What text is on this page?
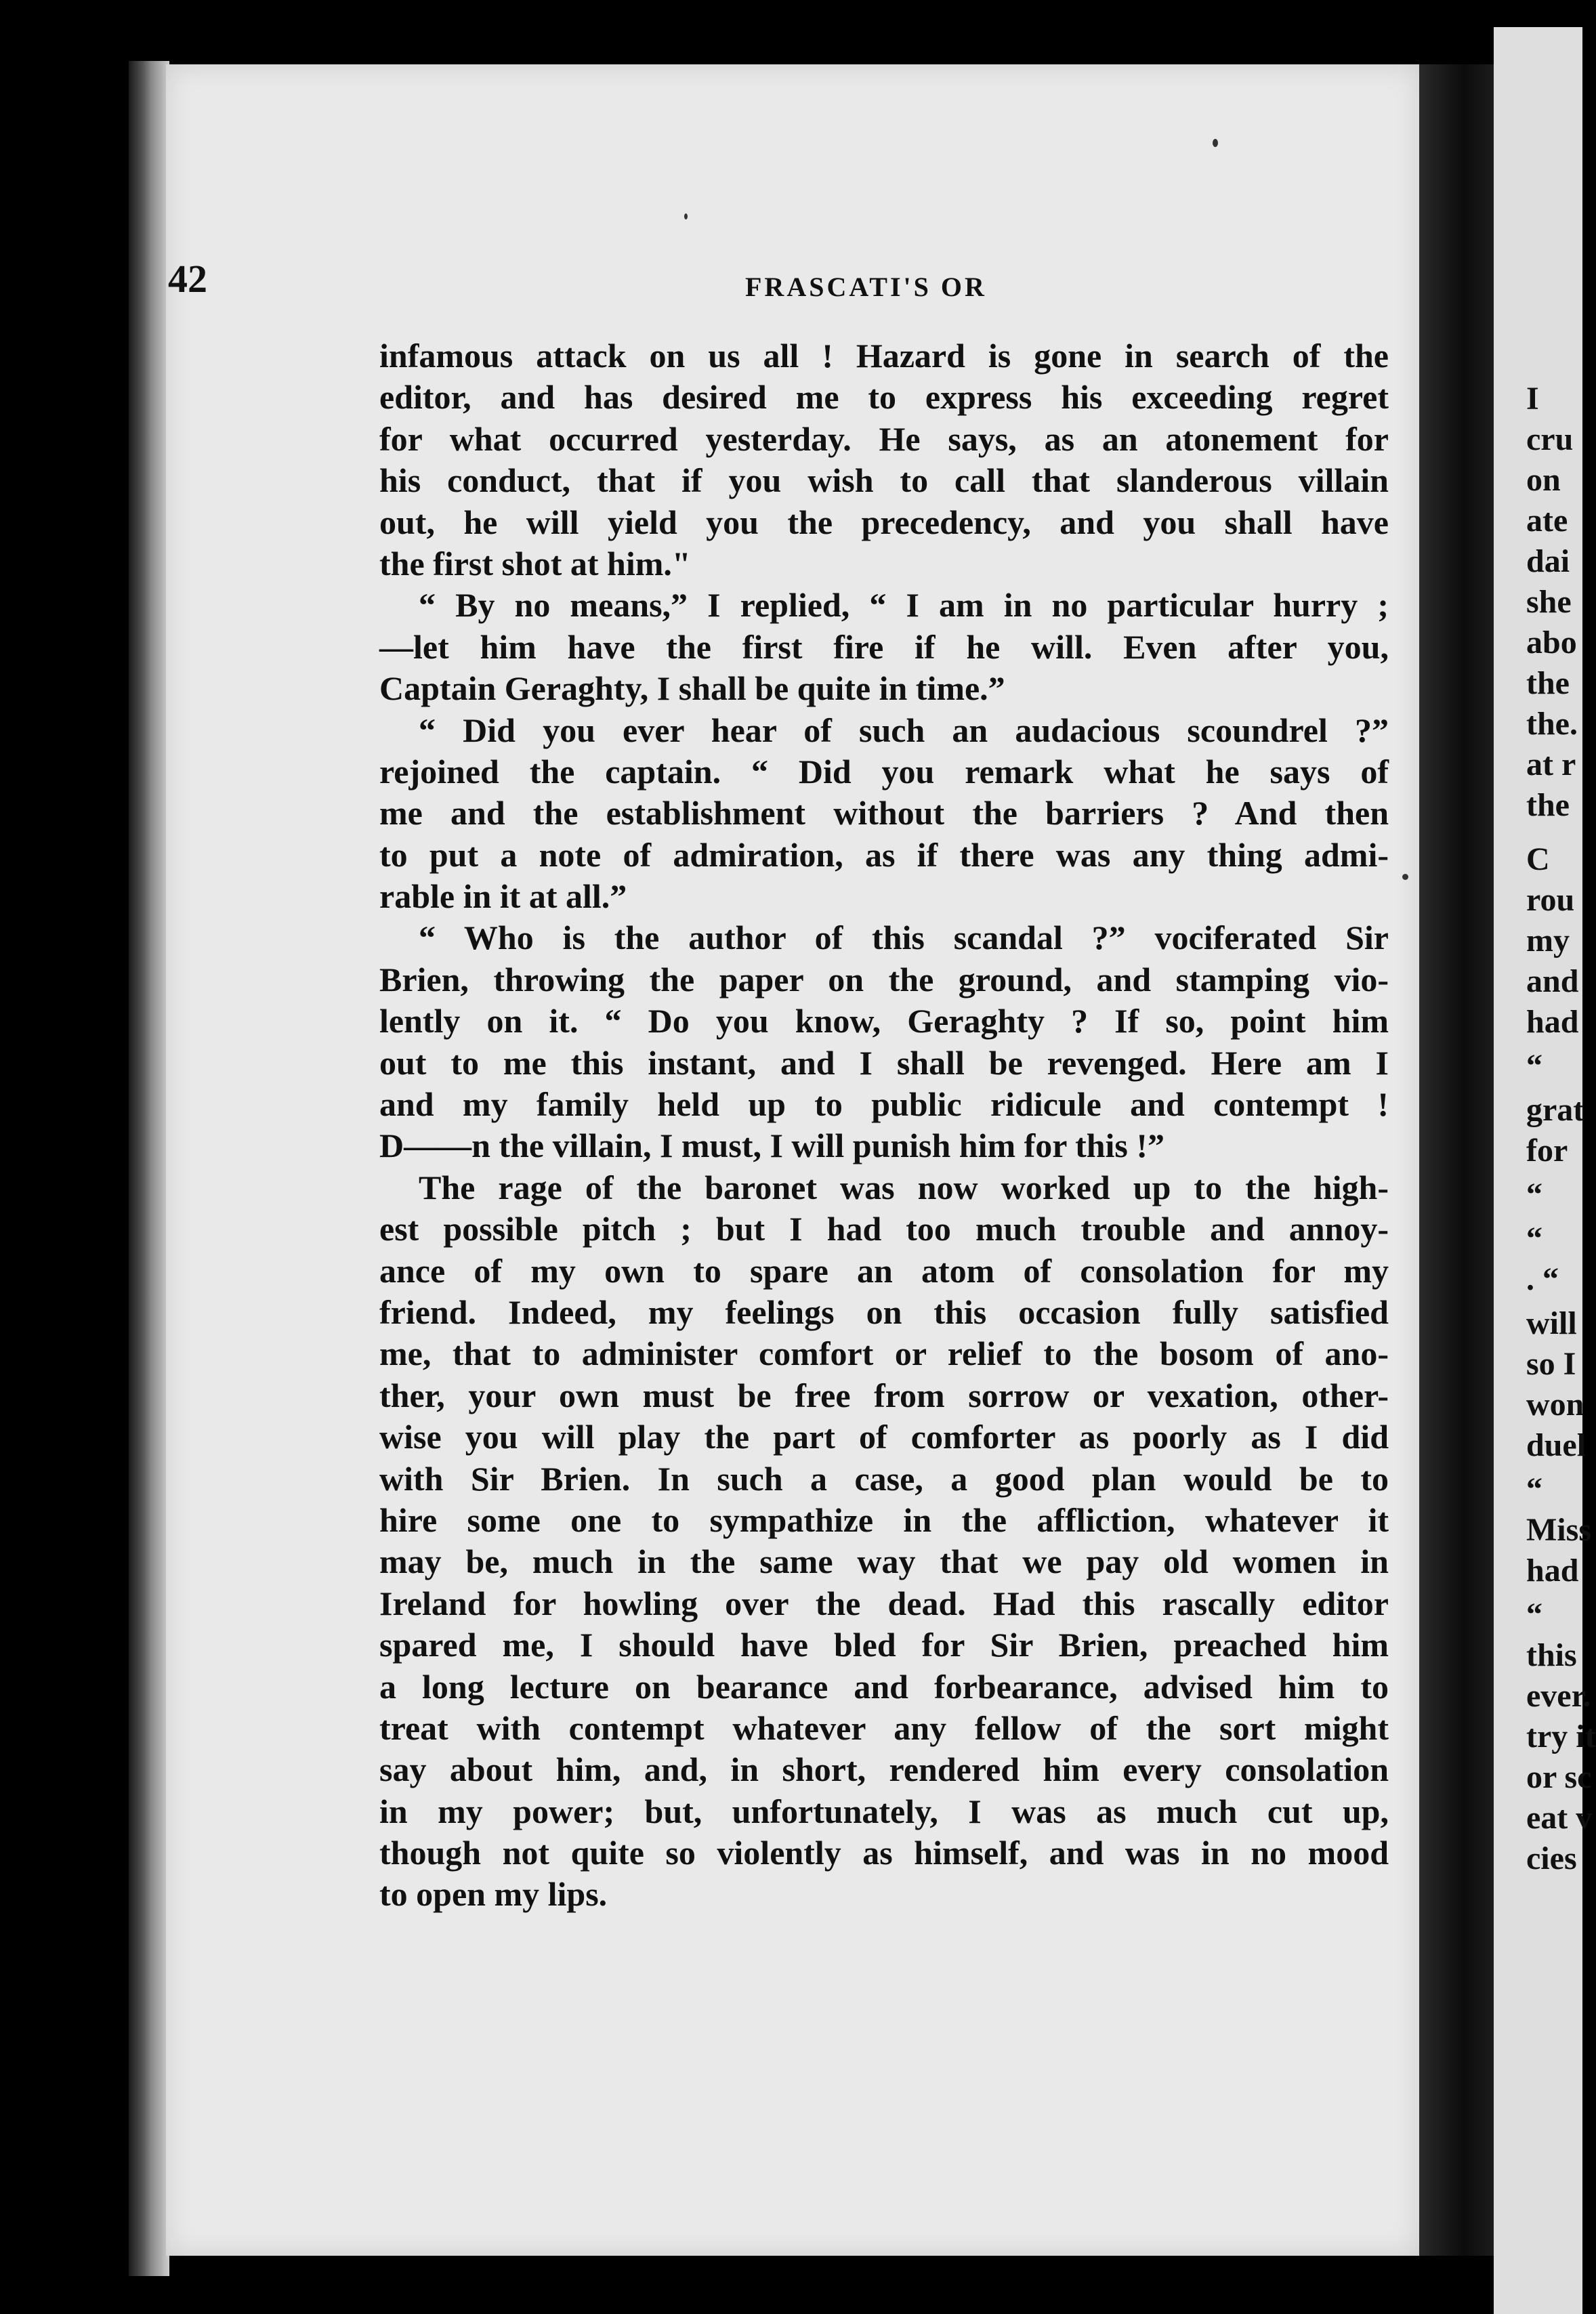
I
cru
on
ate
dai
she
abo
the
the.
at r
the
C
rou
my
and
had
“
grat
for
“
“
. “
will
so I
won
duel
“
Miss
had
“
this
ever.
try it
or sc
eat v
cies
42	FRASCATI'S OR
infamous attack on us all ! Hazard is gone in search of the
editor, and has desired me to express his exceeding regret
for what occurred yesterday. He says, as an atonement for
his conduct, that if you wish to call that slanderous villain
out, he will yield you the precedency, and you shall have
the first shot at him."
“ By no means,” I replied, “ I am in no particular hurry ;
—let him have the first fire if he will. Even after you,
Captain Geraghty, I shall be quite in time.”
“ Did you ever hear of such an audacious scoundrel ?”
rejoined the captain. “ Did you remark what he says of
me and the establishment without the barriers ? And then
to put a note of admiration, as if there was any thing admi-
rable in it at all.”
“ Who is the author of this scandal ?” vociferated Sir
Brien, throwing the paper on the ground, and stamping vio-
lently on it. “ Do you know, Geraghty ? If so, point him
out to me this instant, and I shall be revenged. Here am I
and my family held up to public ridicule and contempt !
D——n the villain, I must, I will punish him for this !”
The rage of the baronet was now worked up to the high-
est possible pitch ; but I had too much trouble and annoy-
ance of my own to spare an atom of consolation for my
friend. Indeed, my feelings on this occasion fully satisfied
me, that to administer comfort or relief to the bosom of ano-
ther, your own must be free from sorrow or vexation, other-
wise you will play the part of comforter as poorly as I did
with Sir Brien. In such a case, a good plan would be to
hire some one to sympathize in the affliction, whatever it
may be, much in the same way that we pay old women in
Ireland for howling over the dead. Had this rascally editor
spared me, I should have bled for Sir Brien, preached him
a long lecture on bearance and forbearance, advised him to
treat with contempt whatever any fellow of the sort might
say about him, and, in short, rendered him every consolation
in my power; but, unfortunately, I was as much cut up,
though not quite so violently as himself, and was in no mood
to open my lips.
